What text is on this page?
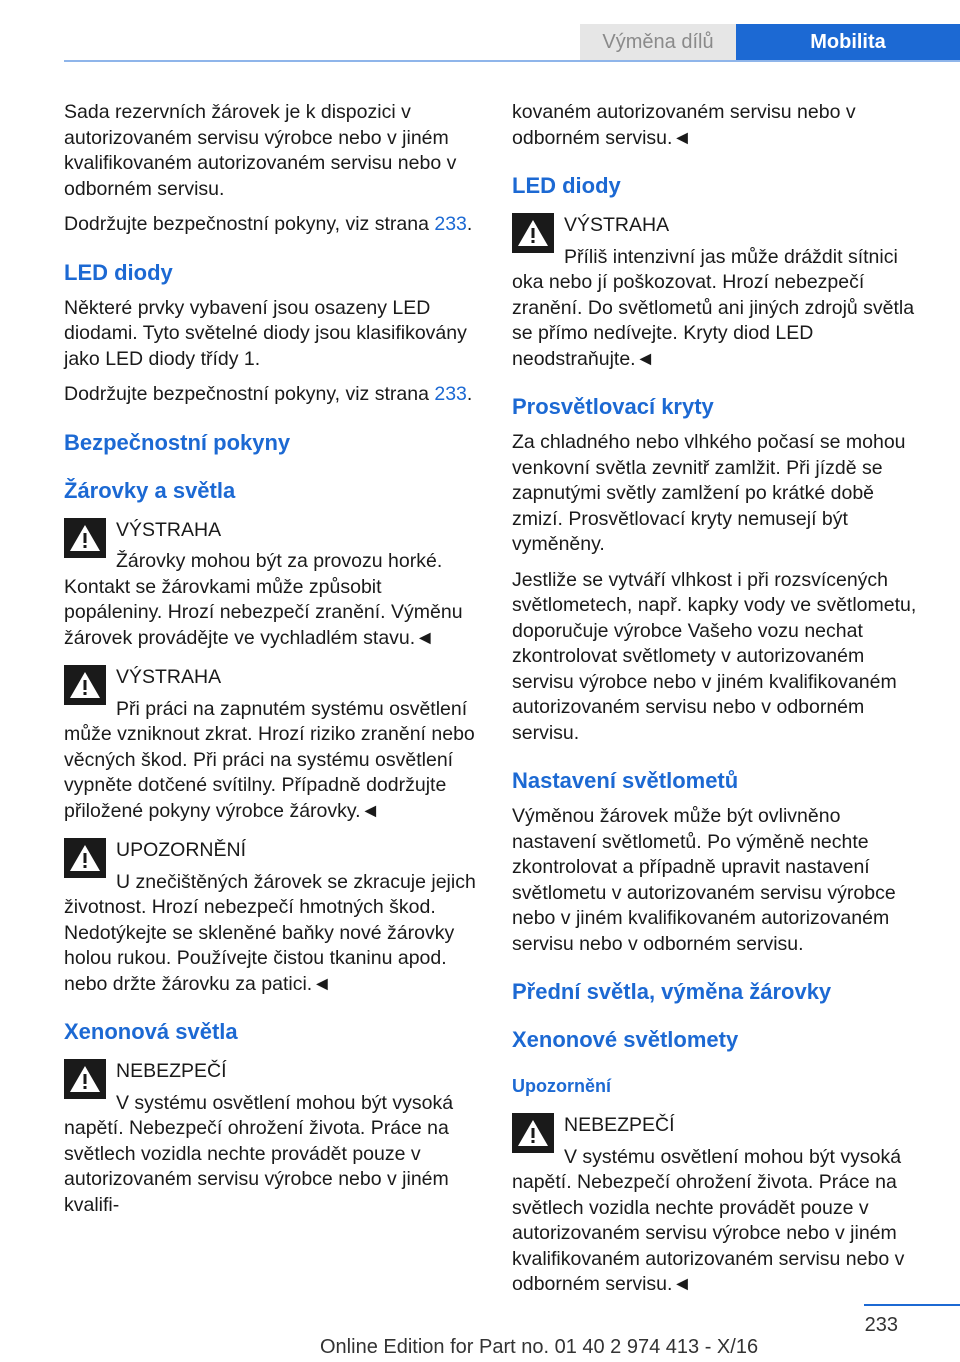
Výměna dílů	Mobilita

Sada rezervních žárovek je k dispozici v autorizovaném servisu výrobce nebo v jiném kvalifikovaném autorizovaném servisu nebo v odborném servisu.

Dodržujte bezpečnostní pokyny, viz strana 233.

LED diody

Některé prvky vybavení jsou osazeny LED diodami. Tyto světelné diody jsou klasifikovány jako LED diody třídy 1.

Dodržujte bezpečnostní pokyny, viz strana 233.

Bezpečnostní pokyny
Žárovky a světla
VÝSTRAHA

Žárovky mohou být za provozu horké. Kontakt se žárovkami může způsobit popáleniny. Hrozí nebezpečí zranění. Výměnu žárovek provádějte ve vychladlém stavu.◄

VÝSTRAHA

Při práci na zapnutém systému osvětlení může vzniknout zkrat. Hrozí riziko zranění nebo věcných škod. Při práci na systému osvětlení vypněte dotčené svítilny. Případně dodržujte přiložené pokyny výrobce žárovky.◄

UPOZORNĚNÍ

U znečištěných žárovek se zkracuje jejich životnost. Hrozí nebezpečí hmotných škod. Nedotýkejte se skleněné baňky nové žárovky holou rukou. Používejte čistou tkaninu apod. nebo držte žárovku za patici.◄

Xenonová světla
NEBEZPEČÍ

V systému osvětlení mohou být vysoká napětí. Nebezpečí ohrožení života. Práce na světlech vozidla nechte provádět pouze v autorizovaném servisu výrobce nebo v jiném kvalifi-

kovaném autorizovaném servisu nebo v odborném servisu.◄

LED diody
VÝSTRAHA

Příliš intenzivní jas může dráždit sítnici oka nebo jí poškozovat. Hrozí nebezpečí zranění. Do světlometů ani jiných zdrojů světla se přímo nedívejte. Kryty diod LED neodstraňujte.◄

Prosvětlovací kryty

Za chladného nebo vlhkého počasí se mohou venkovní světla zevnitř zamlžit. Při jízdě se zapnutými světly zamlžení po krátké době zmizí. Prosvětlovací kryty nemusejí být vyměněny.

Jestliže se vytváří vlhkost i při rozsvícených světlometech, např. kapky vody ve světlometu, doporučuje výrobce Vašeho vozu nechat zkontrolovat světlomety v autorizovaném servisu výrobce nebo v jiném kvalifikovaném autorizovaném servisu nebo v odborném servisu.

Nastavení světlometů

Výměnou žárovek může být ovlivněno nastavení světlometů. Po výměně nechte zkontrolovat a případně upravit nastavení světlometu v autorizovaném servisu výrobce nebo v jiném kvalifikovaném autorizovaném servisu nebo v odborném servisu.

Přední světla, výměna žárovky
Xenonové světlomety
Upozornění
NEBEZPEČÍ

V systému osvětlení mohou být vysoká napětí. Nebezpečí ohrožení života. Práce na světlech vozidla nechte provádět pouze v autorizovaném servisu výrobce nebo v jiném kvalifikovaném autorizovaném servisu nebo v odborném servisu.◄

233
Online Edition for Part no. 01 40 2 974 413 - X/16
